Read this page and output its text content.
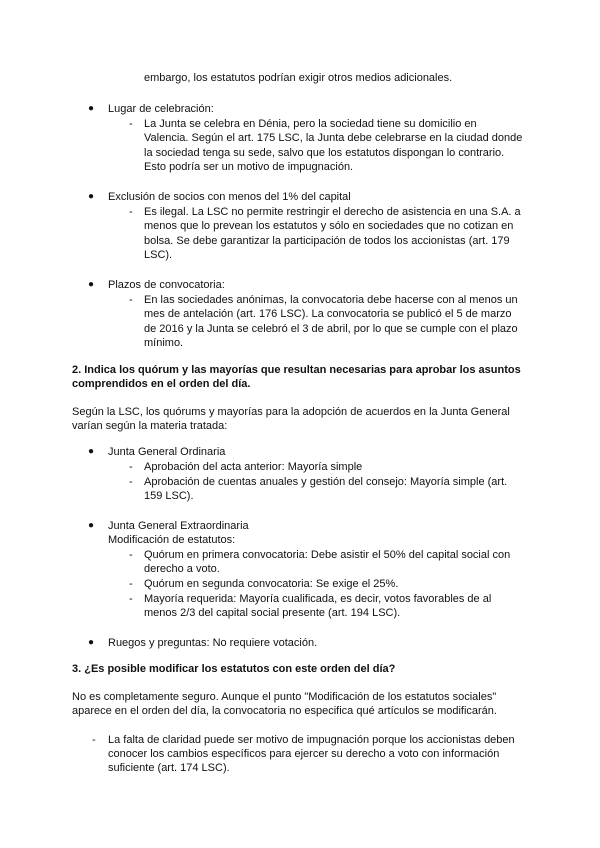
embargo, los estatutos podrían exigir otros medios adicionales.
● Lugar de celebración:
- La Junta se celebra en Dénia, pero la sociedad tiene su domicilio en
Valencia. Según el art. 175 LSC, la Junta debe celebrarse en la ciudad donde
la sociedad tenga su sede, salvo que los estatutos dispongan lo contrario.
Esto podría ser un motivo de impugnación.
● Exclusión de socios con menos del 1% del capital
- Es ilegal. La LSC no permite restringir el derecho de asistencia en una S.A. a
menos que lo prevean los estatutos y sólo en sociedades que no cotizan en
bolsa. Se debe garantizar la participación de todos los accionistas (art. 179
LSC).
● Plazos de convocatoria:
- En las sociedades anónimas, la convocatoria debe hacerse con al menos un
mes de antelación (art. 176 LSC). La convocatoria se publicó el 5 de marzo
de 2016 y la Junta se celebró el 3 de abril, por lo que se cumple con el plazo
mínimo.
2. Indica los quórum y las mayorías que resultan necesarias para aprobar los asuntos
comprendidos en el orden del día.
Según la LSC, los quórums y mayorías para la adopción de acuerdos en la Junta General
varían según la materia tratada:
● Junta General Ordinaria
- Aprobación del acta anterior: Mayoría simple
- Aprobación de cuentas anuales y gestión del consejo: Mayoría simple (art.
159 LSC).
● Junta General Extraordinaria
Modificación de estatutos:
- Quórum en primera convocatoria: Debe asistir el 50% del capital social con
derecho a voto.
- Quórum en segunda convocatoria: Se exige el 25%.
- Mayoría requerida: Mayoría cualificada, es decir, votos favorables de al
menos 2/3 del capital social presente (art. 194 LSC).
● Ruegos y preguntas: No requiere votación.
3. ¿Es posible modificar los estatutos con este orden del día?
No es completamente seguro. Aunque el punto "Modificación de los estatutos sociales"
aparece en el orden del día, la convocatoria no especifica qué artículos se modificarán.
- La falta de claridad puede ser motivo de impugnación porque los accionistas deben
conocer los cambios específicos para ejercer su derecho a voto con información
suficiente (art. 174 LSC).
